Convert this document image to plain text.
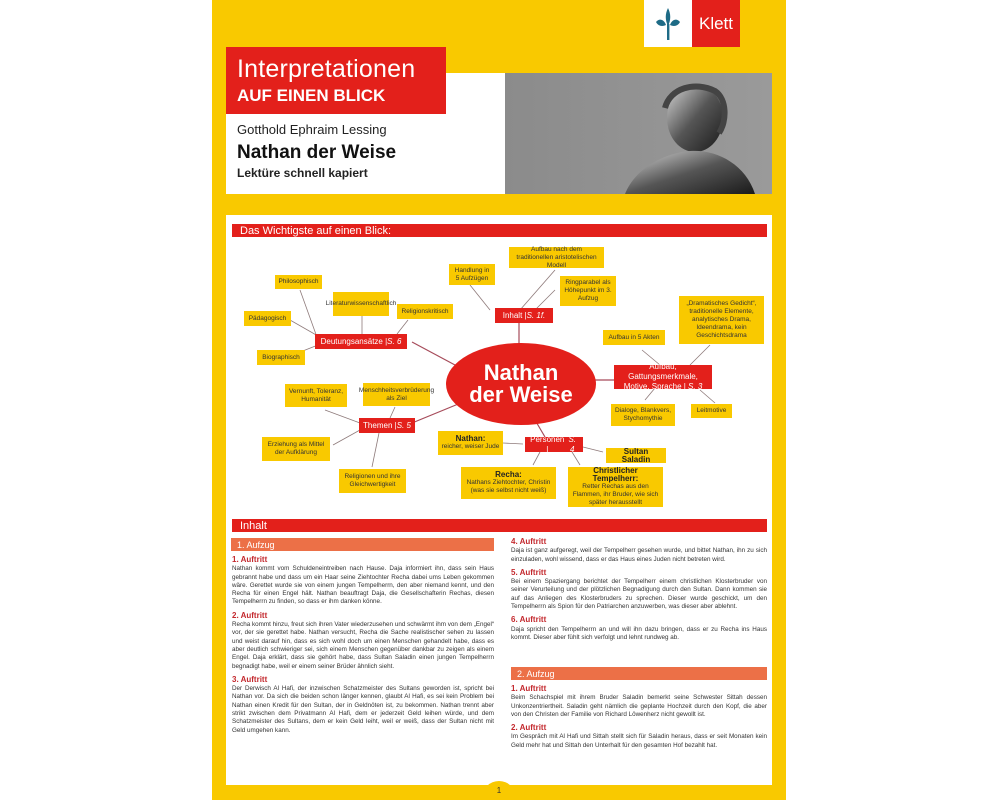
Klett
Interpretationen
AUF EINEN BLICK
Gotthold Ephraim Lessing
Nathan der Weise
Lektüre schnell kapiert
Das Wichtigste auf einen Blick:
Nathan
der Weise
Inhalt | S. 1f.
Deutungsansätze | S. 6
Aufbau, Gattungsmerkmale,
Motive, Sprache | S. 3
Themen | S. 5
Personen |
S. 4
Handlung in 5 Aufzügen
Aufbau nach dem traditionellen aristotelischen Modell
Ringparabel als Höhepunkt im 3. Aufzug
Philosophisch
Literaturwissenschaftlich
Religionskritisch
Pädagogisch
Biographisch
Aufbau in 5 Akten
„Dramatisches Gedicht“, traditionelle Elemente, analytisches Drama, Ideendrama, kein Geschichtsdrama
Dialoge, Blankvers, Stychomythie
Leitmotive
Vernunft, Toleranz, Humanität
Menschheitsverbrüderung als Ziel
Erziehung als Mittel der Aufklärung
Religionen und ihre Gleichwertigkeit
Nathan:
reicher, weiser Jude	Sultan Saladin
Recha:
Nathans Ziehtochter, Christin (was sie selbst nicht weiß)
Christlicher Tempelherr:
Retter Rechas aus den Flammen, ihr Bruder, wie sich später herausstellt
Inhalt
1. Aufzug
1. Auftritt

Nathan kommt vom Schuldeneintreiben nach Hause. Daja informiert ihn, dass sein Haus gebrannt habe und dass um ein Haar seine Ziehtochter Recha dabei ums Leben gekommen wäre. Gerettet wurde sie von einem jungen Tempelherrn, den aber niemand kennt, und den Recha für einen Engel hält. Nathan beauftragt Daja, die Gesellschafterin Rechas, diesen Tempelherrn zu finden, so dass er ihm danken könne.

2. Auftritt

Recha kommt hinzu, freut sich ihren Vater wiederzusehen und schwärmt ihm von dem „Engel“ vor, der sie gerettet habe. Nathan versucht, Recha die Sache realistischer sehen zu lassen und weist darauf hin, dass es sich wohl doch um einen Menschen gehandelt habe, dass es aber deutlich schwieriger sei, sich einem Menschen gegenüber dankbar zu zeigen als einem Engel. Daja erklärt, dass sie gehört habe, dass Sultan Saladin einen jungen Tempelherrn begnadigt habe, weil er einem seiner Brüder ähnlich sieht.

3. Auftritt

Der Derwisch Al Hafi, der inzwischen Schatzmeister des Sultans geworden ist, spricht bei Nathan vor. Da sich die beiden schon länger kennen, glaubt Al Hafi, es sei kein Problem bei Nathan einen Kredit für den Sultan, der in Geldnöten ist, zu bekommen. Nathan trennt aber strikt zwischen dem Privatmann Al Hafi, dem er jederzeit Geld leihen würde, und dem Schatzmeister des Sultans, dem er kein Geld leiht, weil er weiß, dass der Sultan nicht mit Geld umgehen kann.

4. Auftritt

Daja ist ganz aufgeregt, weil der Tempelherr gesehen wurde, und bittet Nathan, ihn zu sich einzuladen, wohl wissend, dass er das Haus eines Juden nicht betreten wird.

5. Auftritt

Bei einem Spaziergang berichtet der Tempelherr einem christlichen Klosterbruder von seiner Verurteilung und der plötzlichen Begnadigung durch den Sultan. Dann kommen sie auf das Anliegen des Klosterbruders zu sprechen. Dieser wurde geschickt, um den Tempelherrn als Spion für den Patriarchen anzuwerben, was dieser aber ablehnt.

6. Auftritt

Daja spricht den Tempelherrn an und will ihn dazu bringen, dass er zu Recha ins Haus kommt. Dieser aber fühlt sich verfolgt und lehnt rundweg ab.

2. Aufzug
1. Auftritt

Beim Schachspiel mit ihrem Bruder Saladin bemerkt seine Schwester Sittah dessen Unkonzentriertheit. Saladin geht nämlich die geplante Hochzeit durch den Kopf, die aber von den Christen der Familie von Richard Löwenherz nicht gewollt ist.

2. Auftritt

Im Gespräch mit Al Hafi und Sittah stellt sich für Saladin heraus, dass er seit Monaten kein Geld mehr hat und Sittah den Unterhalt für den gesamten Hof bezahlt hat.

1
